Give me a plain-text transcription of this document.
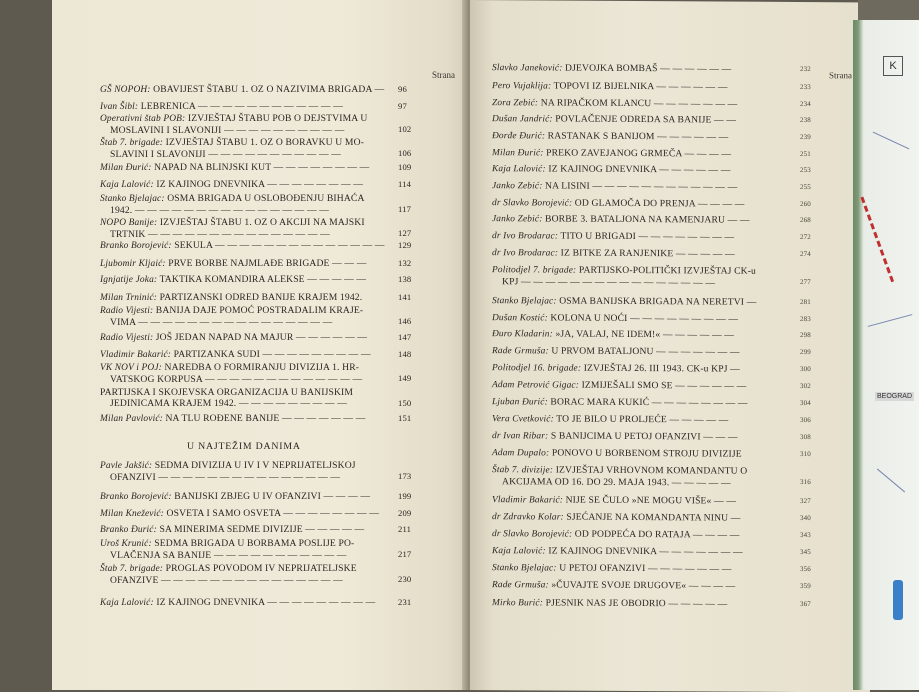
Strana
GŠ NOPOH: OBAVIJEST ŠTABU 1. OZ O NAZIVIMA BRIGADA —	96
Ivan Šibl: LEBRENICA — — — — — — — — — — — —	97
Operativni štab POB: IZVJEŠTAJ ŠTABU POB O DEJSTVIMA U
MOSLAVINI I SLAVONIJI — — — — — — — — — —	102
Štab 7. brigade: IZVJEŠTAJ ŠTABU 1. OZ O BORAVKU U MO-
SLAVINI I SLAVONIJI — — — — — — — — — — —	106
Milan Đurić: NAPAD NA BLINJSKI KUT — — — — — — — —	109
Kaja Lalović: IZ KAJINOG DNEVNIKA — — — — — — — —	114
Stanko Bjelajac: OSMA BRIGADA U OSLOBOĐENJU BIHAĆA
1942. — — — — — — — — — — — — — — — —	117
NOPO Banije: IZVJEŠTAJ ŠTABU 1. OZ O AKCIJI NA MAJSKI
TRTNIK — — — — — — — — — — — — — — —	127
Branko Borojević: SEKULA — — — — — — — — — — — — — —	129
Ljubomir Kljaić: PRVE BORBE NAJMLAĐE BRIGADE — — —	132
Ignjatije Joka: TAKTIKA KOMANDIRA ALEKSE — — — — —	138
Milan Trninić: PARTIZANSKI ODRED BANIJE KRAJEM 1942.	141
Radio Vijesti: BANIJA DAJE POMOĆ POSTRADALIM KRAJE-
VIMA — — — — — — — — — — — — — — — —	146
Radio Vijesti: JOŠ JEDAN NAPAD NA MAJUR — — — — — —	147
Vladimir Bakarić: PARTIZANKA SUDI — — — — — — — — —	148
VK NOV i POJ: NAREDBA O FORMIRANJU DIVIZIJA 1. HR-
VATSKOG KORPUSA — — — — — — — — — — — — —	149
PARTIJSKA I SKOJEVSKA ORGANIZACIJA U BANIJSKIM
JEDINICAMA KRAJEM 1942. — — — — — — — — —	150
Milan Pavlović: NA TLU ROĐENE BANIJE — — — — — — —	151
U NAJTEŽIM DANIMA
Pavle Jakšić: SEDMA DIVIZIJA U IV I V NEPRIJATELJSKOJ
OFANZIVI — — — — — — — — — — — — — — —	173
Branko Borojević: BANIJSKI ZBJEG U IV OFANZIVI — — — —	199
Milan Knežević: OSVETA I SAMO OSVETA — — — — — — — —	209
Branko Đurić: SA MINERIMA SEDME DIVIZIJE — — — — —	211
Uroš Krunić: SEDMA BRIGADA U BORBAMA POSLIJE PO-
VLAČENJA SA BANIJE — — — — — — — — — — —	217
Štab 7. brigade: PROGLAS POVODOM IV NEPRIJATELJSKE
OFANZIVE — — — — — — — — — — — — — — —	230
Kaja Lalović: IZ KAJINOG DNEVNIKA — — — — — — — — —	231
Strana
Slavko Janeković: DJEVOJKA BOMBAŠ — — — — — —	232
Pero Vujaklija: TOPOVI IZ BIJELNIKA — — — — — —	233
Zora Zebić: NA RIPAČKOM KLANCU — — — — — — —	234
Dušan Jandrić: POVLAČENJE ODREDA SA BANIJE — —	238
Đorđe Đurić: RASTANAK S BANIJOM — — — — — —	239
Milan Đurić: PREKO ZAVEJANOG GRMEČA — — — —	251
Kaja Lalović: IZ KAJINOG DNEVNIKA — — — — — —	253
Janko Zebić: NA LISINI — — — — — — — — — — — —	255
dr Slavko Borojević: OD GLAMOČA DO PRENJA — — — —	260
Janko Zebić: BORBE 3. BATALJONA NA KAMENJARU — —	268
dr Ivo Brodarac: TITO U BRIGADI — — — — — — — —	272
dr Ivo Brodarac: IZ BITKE ZA RANJENIKE — — — — —	274
Politodjel 7. brigade: PARTIJSKO-POLITIČKI IZVJEŠTAJ CK-u
KPJ — — — — — — — — — — — — — — — —	277
Stanko Bjelajac: OSMA BANIJSKA BRIGADA NA NERETVI —	281
Dušan Kostić: KOLONA U NOĆI — — — — — — — — —	283
Đuro Kladarin: »JA, VALAJ, NE IDEM!« — — — — — —	298
Rade Grmuša: U PRVOM BATALJONU — — — — — — —	299
Politodjel 16. brigade: IZVJEŠTAJ 26. III 1943. CK-u KPJ —	300
Adam Petrović Gigac: IZMIJEŠALI SMO SE — — — — — —	302
Ljuban Đurić: BORAC MARA KUKIĆ — — — — — — — —	304
Vera Cvetković: TO JE BILO U PROLJEĆE — — — — —	306
dr Ivan Ribar: S BANIJCIMA U PETOJ OFANZIVI — — —	308
Adam Dupalo: PONOVO U BORBENOM STROJU DIVIZIJE	310
Štab 7. divizije: IZVJEŠTAJ VRHOVNOM KOMANDANTU O
AKCIJAMA OD 16. DO 29. MAJA 1943. — — — — —	316
Vladimir Bakarić: NIJE SE ČULO »NE MOGU VIŠE« — —	327
dr Zdravko Kolar: SJEĆANJE NA KOMANDANTA NINU —	340
dr Slavko Borojević: OD PODPEĆA DO RATAJA — — — —	343
Kaja Lalović: IZ KAJINOG DNEVNIKA — — — — — — —	345
Stanko Bjelajac: U PETOJ OFANZIVI — — — — — — —	356
Rade Grmuša: »ČUVAJTE SVOJE DRUGOVE« — — — —	359
Mirko Burić: PJESNIK NAS JE OBODRIO — — — — —	367
K
BEOGRAD
